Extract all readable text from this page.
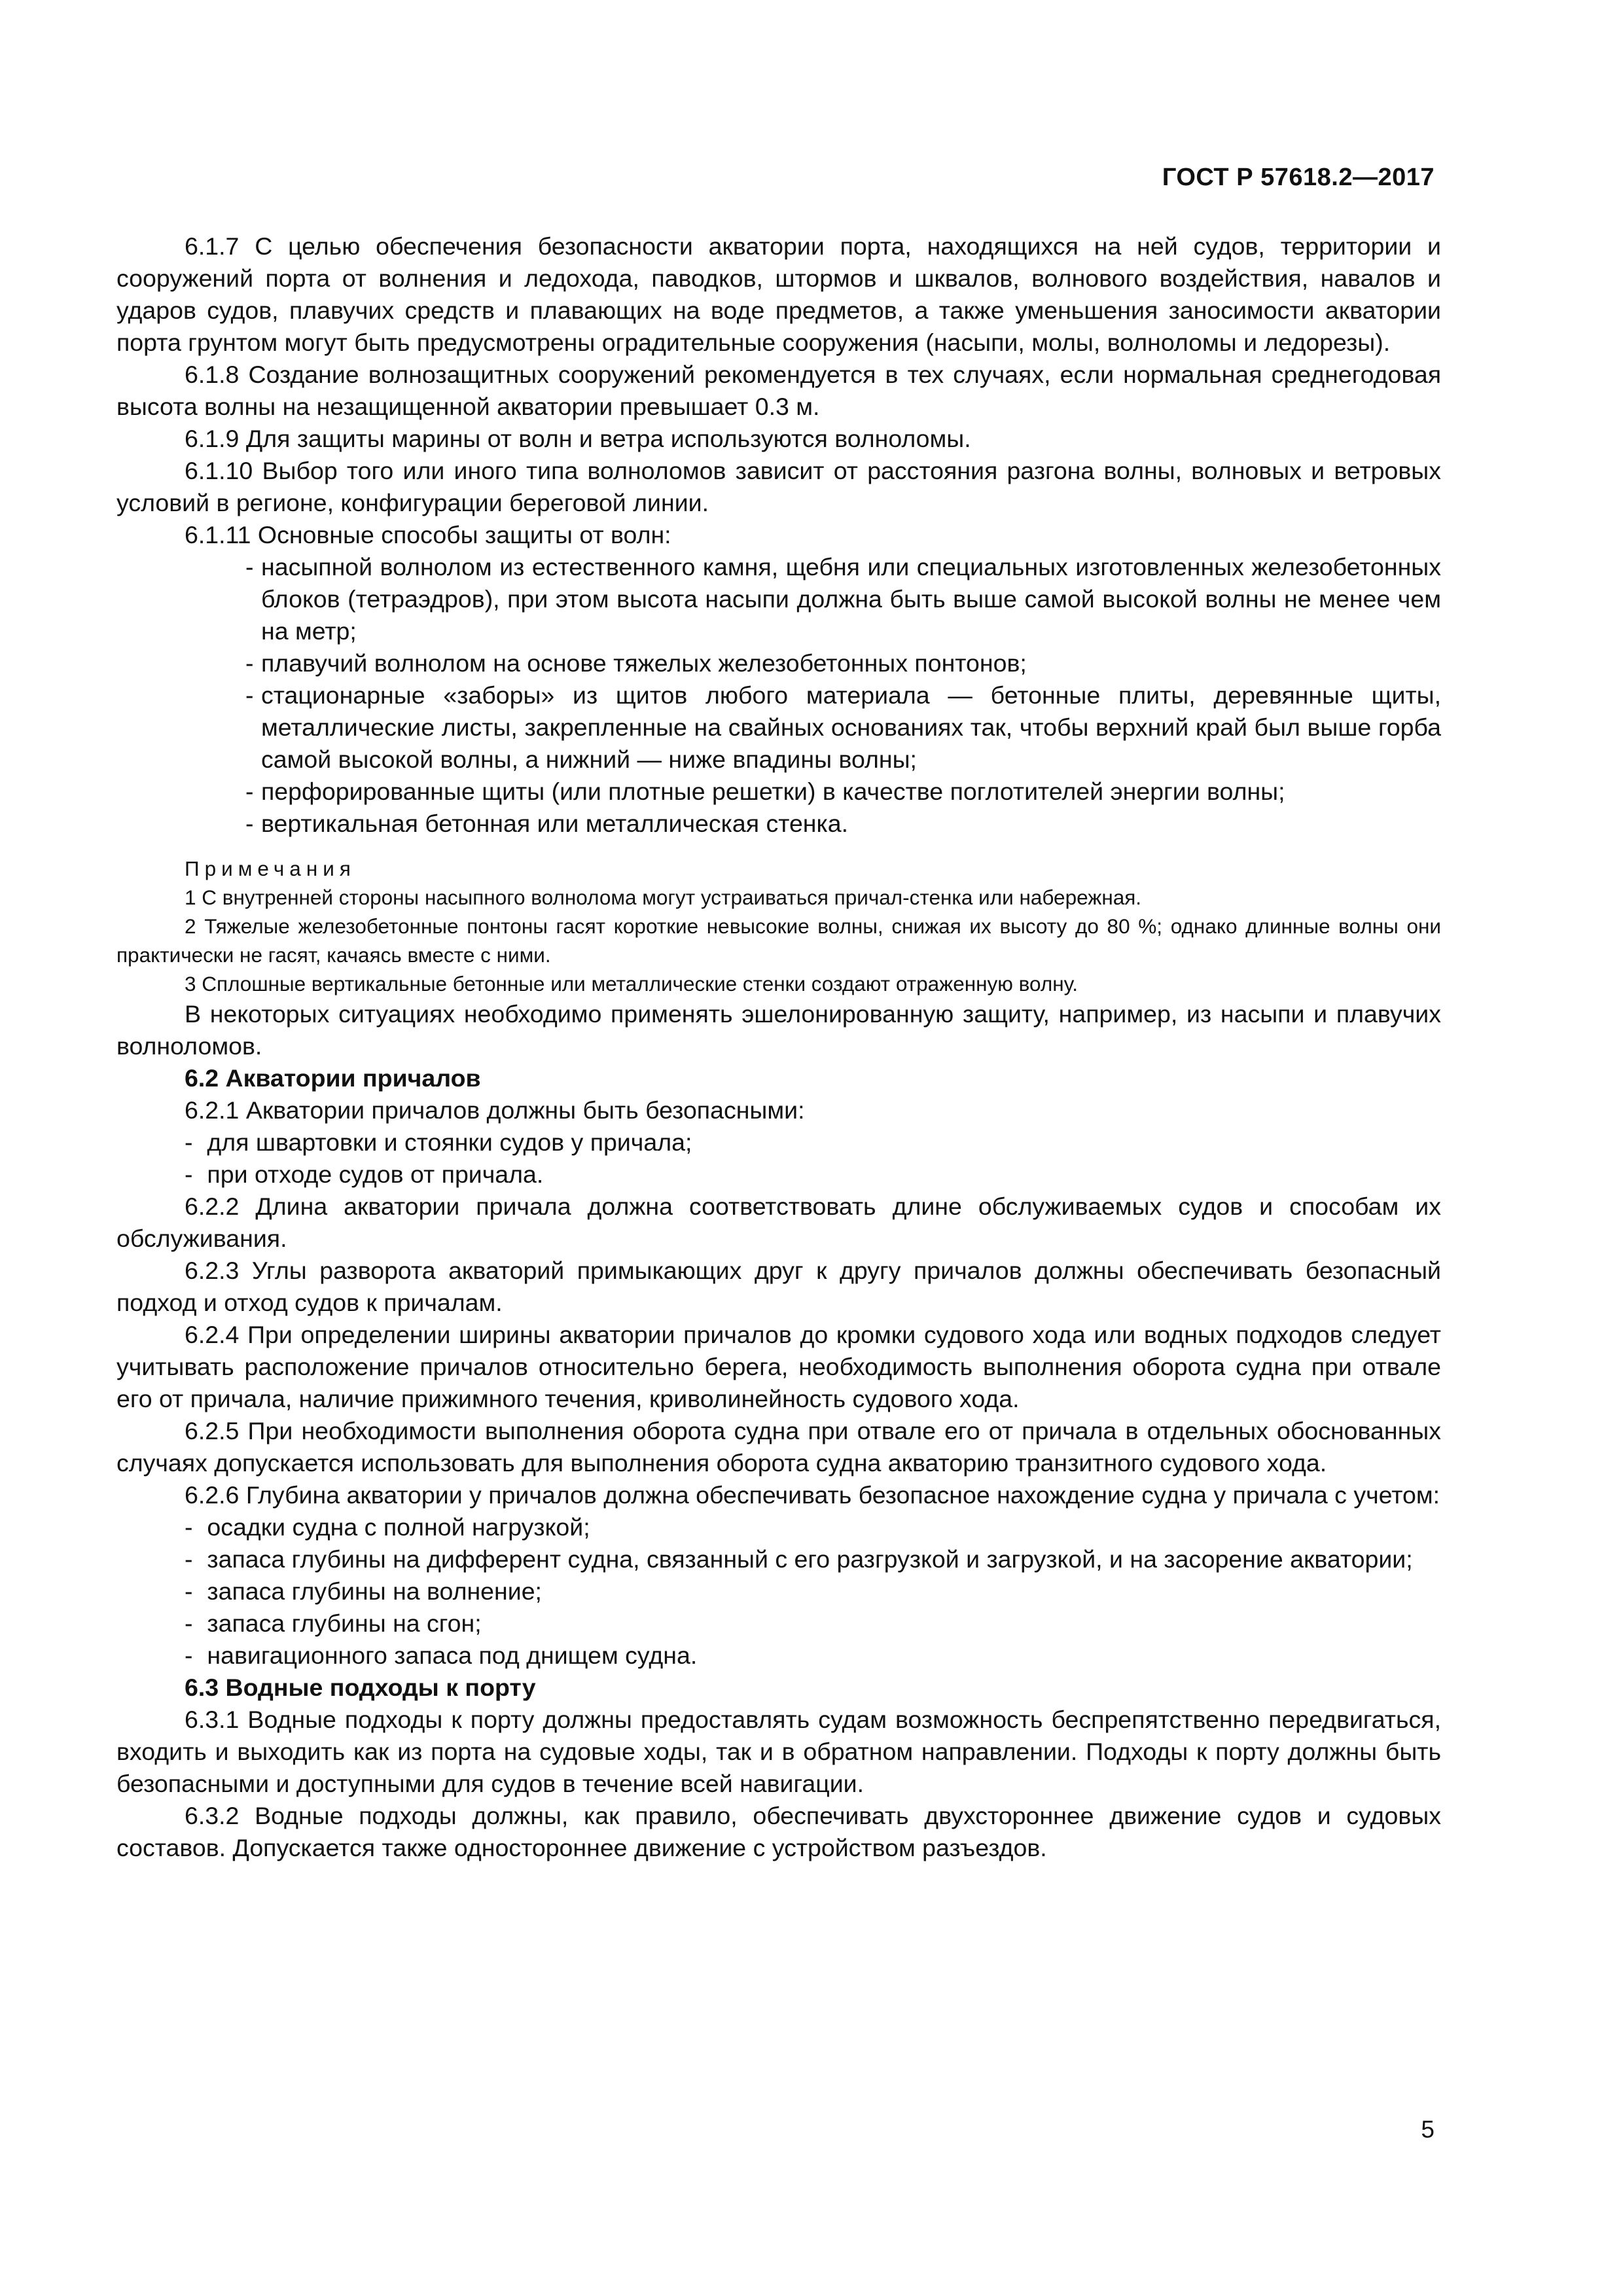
ГОСТ Р 57618.2—2017

6.1.7 С целью обеспечения безопасности акватории порта, находящихся на ней судов, территории и сооружений порта от волнения и ледохода, паводков, штормов и шквалов, волнового воздействия, навалов и ударов судов, плавучих средств и плавающих на воде предметов, а также уменьшения заносимости акватории порта грунтом могут быть предусмотрены оградительные сооружения (насыпи, молы, волноломы и ледорезы).

6.1.8 Создание волнозащитных сооружений рекомендуется в тех случаях, если нормальная среднегодовая высота волны на незащищенной акватории превышает 0.3 м.

6.1.9 Для защиты марины от волн и ветра используются волноломы.

6.1.10 Выбор того или иного типа волноломов зависит от расстояния разгона волны, волновых и ветровых условий в регионе, конфигурации береговой линии.

6.1.11 Основные способы защиты от волн:

- насыпной волнолом из естественного камня, щебня или специальных изготовленных железобетонных блоков (тетраэдров), при этом высота насыпи должна быть выше самой высокой волны не менее чем на метр;
- плавучий волнолом на основе тяжелых железобетонных понтонов;
- стационарные «заборы» из щитов любого материала — бетонные плиты, деревянные щиты, металлические листы, закрепленные на свайных основаниях так, чтобы верхний край был выше горба самой высокой волны, а нижний — ниже впадины волны;
- перфорированные щиты (или плотные решетки) в качестве поглотителей энергии волны;
- вертикальная бетонная или металлическая стенка.

Примечания

1 С внутренней стороны насыпного волнолома могут устраиваться причал-стенка или набережная.

2 Тяжелые железобетонные понтоны гасят короткие невысокие волны, снижая их высоту до 80 %; однако длинные волны они практически не гасят, качаясь вместе с ними.

3 Сплошные вертикальные бетонные или металлические стенки создают отраженную волну.

В некоторых ситуациях необходимо применять эшелонированную защиту, например, из насыпи и плавучих волноломов.

6.2 Акватории причалов

6.2.1 Акватории причалов должны быть безопасными:

- для швартовки и стоянки судов у причала;

- при отходе судов от причала.

6.2.2 Длина акватории причала должна соответствовать длине обслуживаемых судов и способам их обслуживания.

6.2.3 Углы разворота акваторий примыкающих друг к другу причалов должны обеспечивать безопасный подход и отход судов к причалам.

6.2.4 При определении ширины акватории причалов до кромки судового хода или водных подходов следует учитывать расположение причалов относительно берега, необходимость выполнения оборота судна при отвале его от причала, наличие прижимного течения, криволинейность судового хода.

6.2.5 При необходимости выполнения оборота судна при отвале его от причала в отдельных обоснованных случаях допускается использовать для выполнения оборота судна акваторию транзитного судового хода.

6.2.6 Глубина акватории у причалов должна обеспечивать безопасное нахождение судна у причала с учетом:

- осадки судна с полной нагрузкой;

- запаса глубины на дифферент судна, связанный с его разгрузкой и загрузкой, и на засорение акватории;

- запаса глубины на волнение;

- запаса глубины на сгон;

- навигационного запаса под днищем судна.

6.3 Водные подходы к порту

6.3.1 Водные подходы к порту должны предоставлять судам возможность беспрепятственно передвигаться, входить и выходить как из порта на судовые ходы, так и в обратном направлении. Подходы к порту должны быть безопасными и доступными для судов в течение всей навигации.

6.3.2 Водные подходы должны, как правило, обеспечивать двухстороннее движение судов и судовых составов. Допускается также одностороннее движение с устройством разъездов.

5
